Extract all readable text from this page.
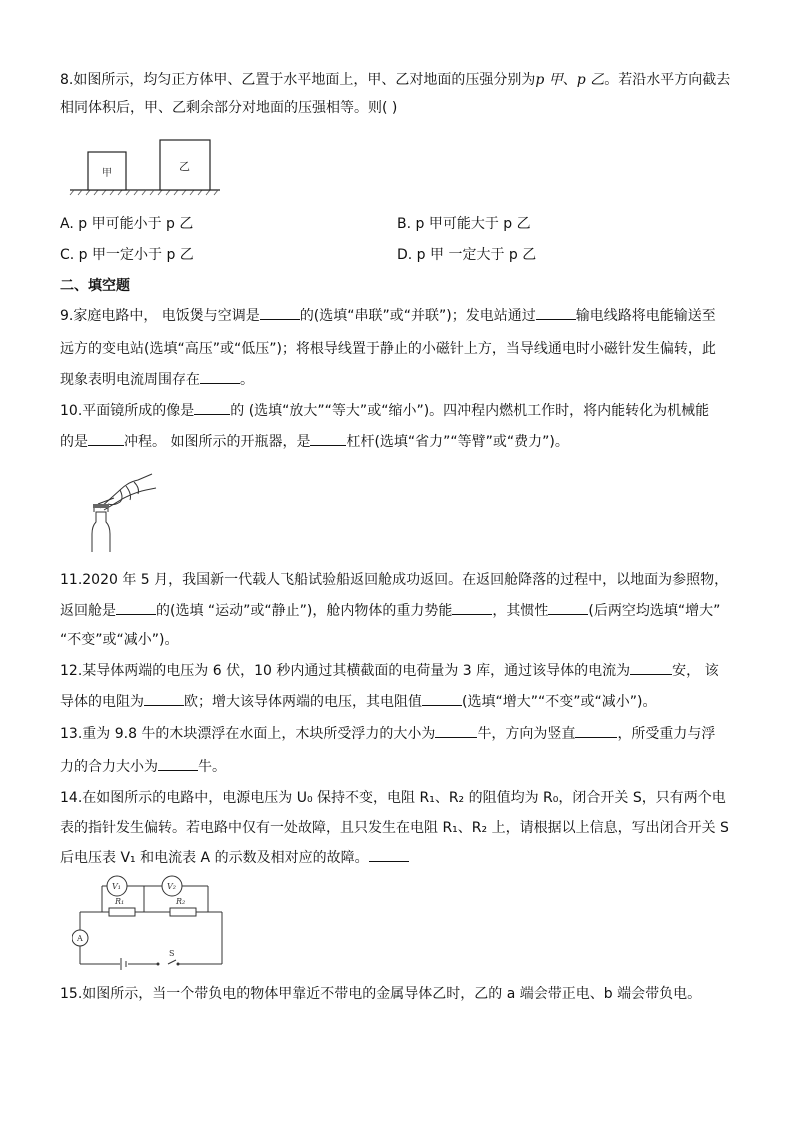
8.如图所示，均匀正方体甲、乙置于水平地面上，甲、乙对地面的压强分别为p 甲、p 乙。若沿水平方向截去
相同体积后，甲、乙剩余部分对地面的压强相等。则( )
甲
乙
A. p 甲可能小于 p 乙	B. p 甲可能大于 p 乙
C. p 甲一定小于 p 乙	D. p 甲 一定大于 p 乙
二、填空题
9.家庭电路中， 电饭煲与空调是	的(选填“串联”或“并联”)；发电站通过	输电线路将电能输送至
远方的变电站(选填“高压”或“低压”)；将根导线置于静止的小磁针上方，当导线通电时小磁针发生偏转，此
现象表明电流周围存在	。
10.平面镜所成的像是	的 (选填“放大”“等大”或“缩小”)。四冲程内燃机工作时，将内能转化为机械能
的是	冲程。 如图所示的开瓶器，是	杠杆(选填“省力”“等臂”或“费力”)。
11.2020 年 5 月，我国新一代载人飞船试验船返回舱成功返回。在返回舱降落的过程中，以地面为参照物，
返回舱是	的(选填 “运动”或“静止”)，舱内物体的重力势能	，其惯性	(后两空均选填“增大”
“不变”或“减小”)。
12.某导体两端的电压为 6 伏，10 秒内通过其横截面的电荷量为 3 库，通过该导体的电流为	安， 该
导体的电阻为	欧；增大该导体两端的电压，其电阻值	(选填“增大”“不变”或“减小”)。
13.重为 9.8 牛的木块漂浮在水面上，木块所受浮力的大小为	牛，方向为竖直	，所受重力与浮
力的合力大小为	牛。
14.在如图所示的电路中，电源电压为 U₀ 保持不变，电阻 R₁、R₂ 的阻值均为 R₀，闭合开关 S，只有两个电
表的指针发生偏转。若电路中仅有一处故障，且只发生在电阻 R₁、R₂ 上，请根据以上信息，写出闭合开关 S
后电压表 V₁ 和电流表 A 的示数及相对应的故障。
V₁	V₂
R₁	R₂
A
S
15.如图所示，当一个带负电的物体甲靠近不带电的金属导体乙时，乙的 a 端会带正电、b 端会带负电。
